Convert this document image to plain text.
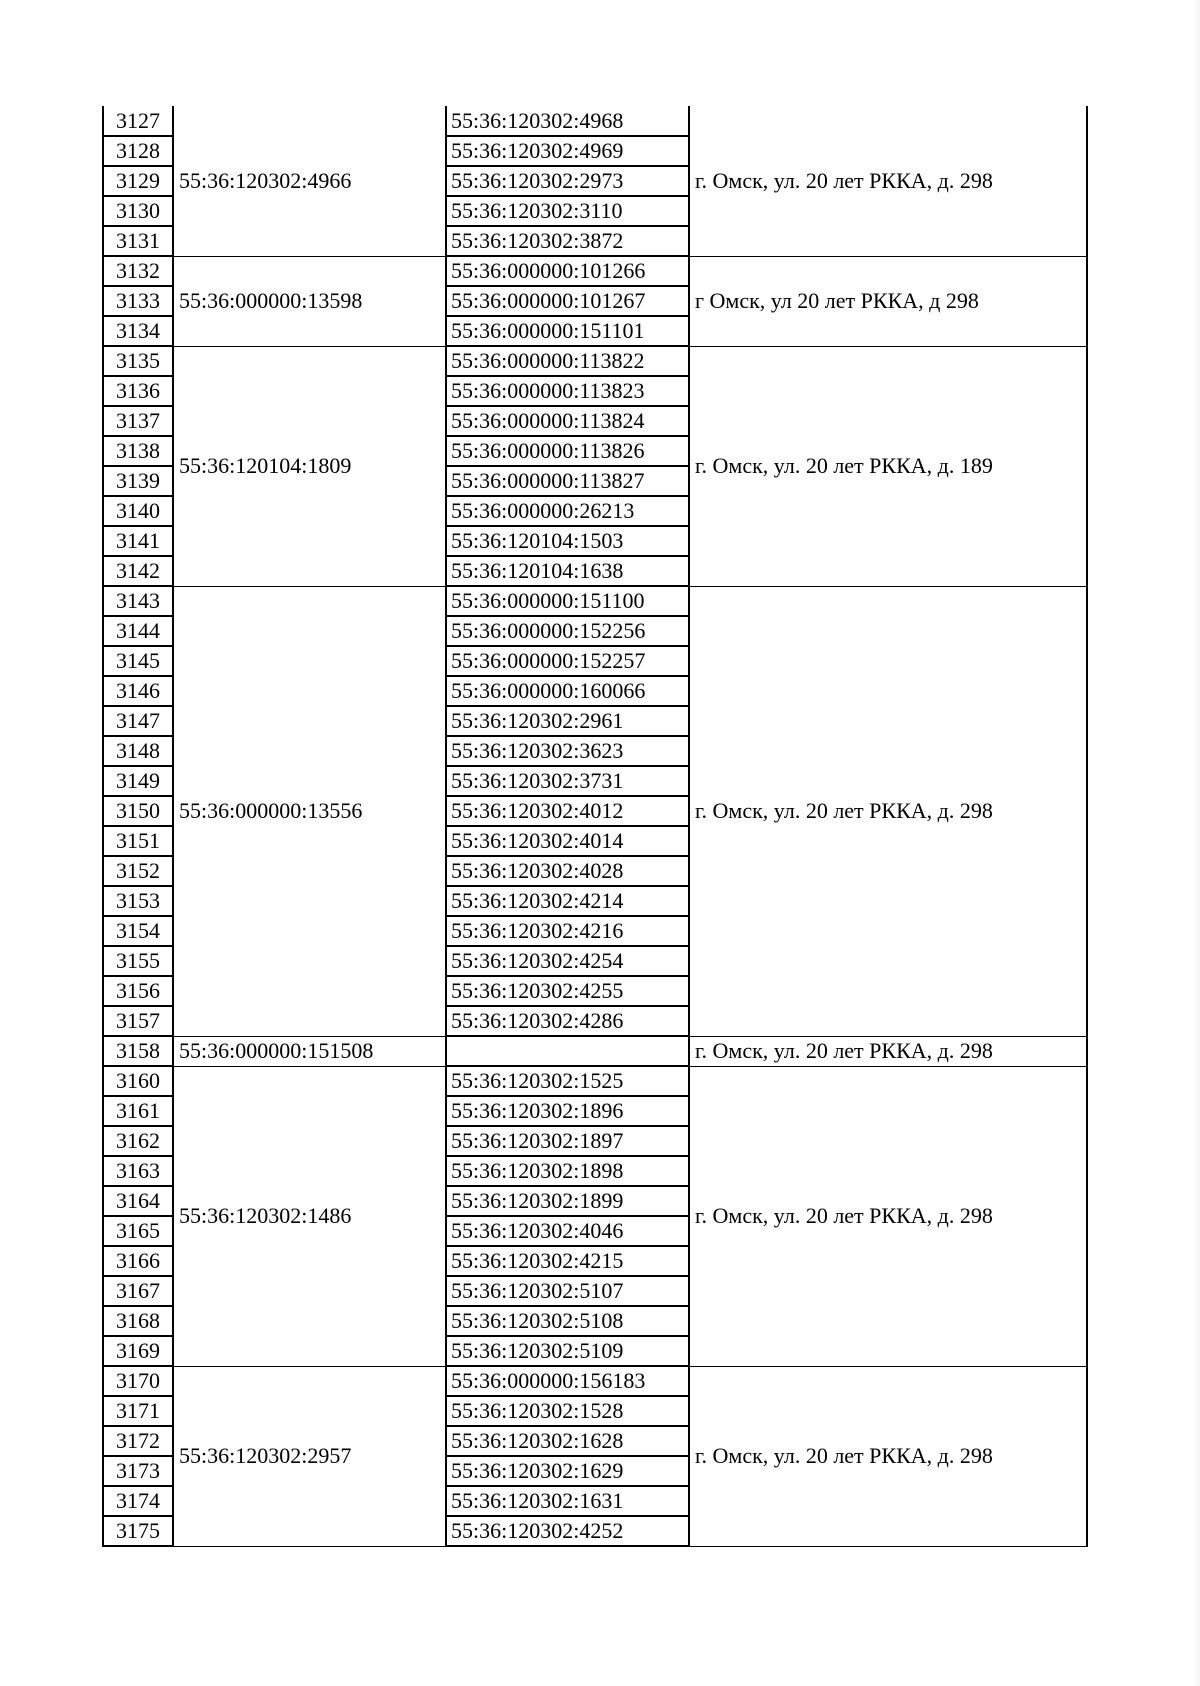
3127	55:36:120302:4966	55:36:120302:4968	г. Омск, ул. 20 лет РККА, д. 298
3128		55:36:120302:4969	
3129		55:36:120302:2973	
3130		55:36:120302:3110	
3131		55:36:120302:3872	
3132	55:36:000000:13598	55:36:000000:101266	г Омск, ул 20 лет РККА, д 298
3133		55:36:000000:101267	
3134		55:36:000000:151101	
3135	55:36:120104:1809	55:36:000000:113822	г. Омск, ул. 20 лет РККА, д. 189
3136		55:36:000000:113823	
3137		55:36:000000:113824	
3138		55:36:000000:113826	
3139		55:36:000000:113827	
3140		55:36:000000:26213	
3141		55:36:120104:1503	
3142		55:36:120104:1638	
3143	55:36:000000:13556	55:36:000000:151100	г. Омск, ул. 20 лет РККА, д. 298
3144		55:36:000000:152256	
3145		55:36:000000:152257	
3146		55:36:000000:160066	
3147		55:36:120302:2961	
3148		55:36:120302:3623	
3149		55:36:120302:3731	
3150		55:36:120302:4012	
3151		55:36:120302:4014	
3152		55:36:120302:4028	
3153		55:36:120302:4214	
3154		55:36:120302:4216	
3155		55:36:120302:4254	
3156		55:36:120302:4255	
3157		55:36:120302:4286	
3158	55:36:000000:151508		г. Омск, ул. 20 лет РККА, д. 298
3160	55:36:120302:1486	55:36:120302:1525	г. Омск, ул. 20 лет РККА, д. 298
3161		55:36:120302:1896	
3162		55:36:120302:1897	
3163		55:36:120302:1898	
3164		55:36:120302:1899	
3165		55:36:120302:4046	
3166		55:36:120302:4215	
3167		55:36:120302:5107	
3168		55:36:120302:5108	
3169		55:36:120302:5109	
3170	55:36:120302:2957	55:36:000000:156183	г. Омск, ул. 20 лет РККА, д. 298
3171		55:36:120302:1528	
3172		55:36:120302:1628	
3173		55:36:120302:1629	
3174		55:36:120302:1631	
3175		55:36:120302:4252	
